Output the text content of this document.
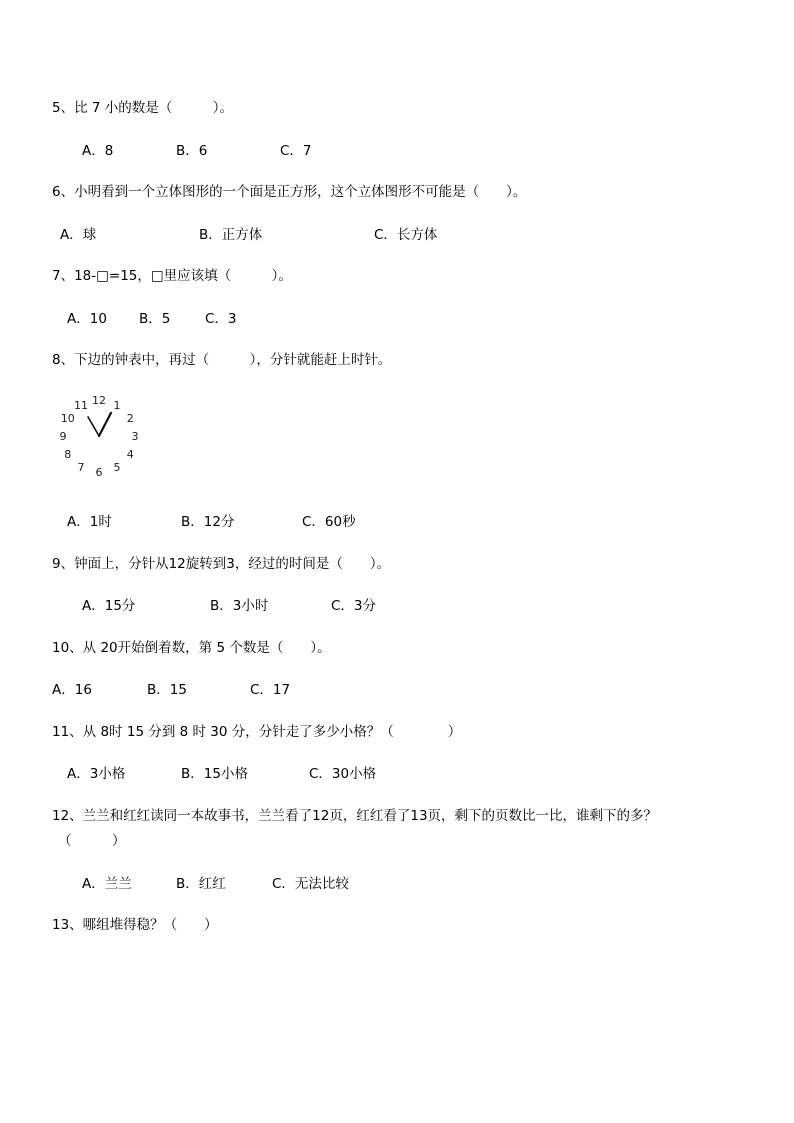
5、比 7 小的数是（　　　）。
A．8	B．6	C．7
6、小明看到一个立体图形的一个面是正方形，这个立体图形不可能是（　　）。
A．球	B．正方体	C．长方体
7、18-□=15，□里应该填（　　　）。
A．10 B．5	C．3
8、下边的钟表中，再过（　　　），分针就能赶上时针。
12 1
2
3
4
5
6
7
8
9
10
11
A．1时	B．12分	C．60秒
9、钟面上，分针从12旋转到3，经过的时间是（　　）。
A．15分	B．3小时	C．3分
10、从 20开始倒着数，第 5 个数是（　　）。
A．16	B．15	C．17
11、从 8时 15 分到 8 时 30 分，分针走了多少小格？（　　　　）
A．3小格	B．15小格	C．30小格
12、兰兰和红红读同一本故事书，兰兰看了12页，红红看了13页，剩下的页数比一比，谁剩下的多？
（　　　）
A．兰兰	B．红红	C．无法比较
13、哪组堆得稳？（　　）
